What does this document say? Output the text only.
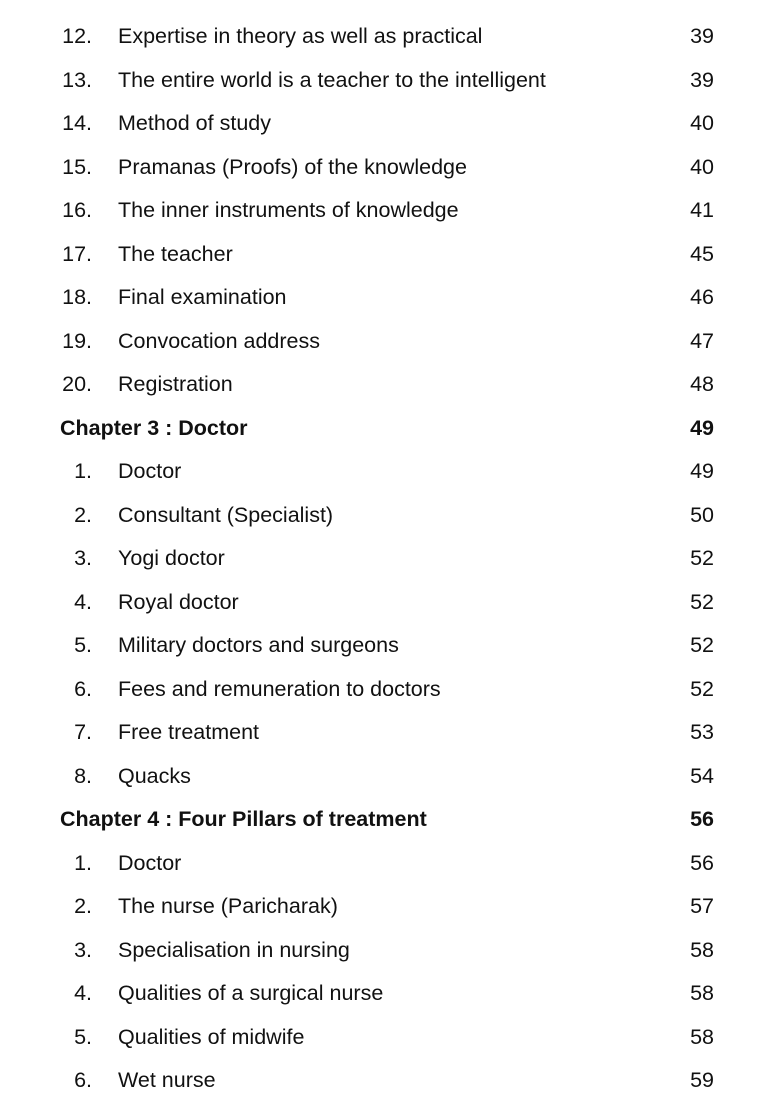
12. Expertise in theory as well as practical	39
13. The entire world is a teacher to the intelligent	39
14. Method of study	40
15. Pramanas (Proofs) of the knowledge	40
16. The inner instruments of knowledge	41
17. The teacher	45
18. Final examination	46
19. Convocation address	47
20. Registration	48
Chapter 3 : Doctor	49
1. Doctor	49
2. Consultant (Specialist)	50
3. Yogi doctor	52
4. Royal doctor	52
5. Military doctors and surgeons	52
6. Fees and remuneration to doctors	52
7. Free treatment	53
8. Quacks	54
Chapter 4 : Four Pillars of treatment	56
1. Doctor	56
2. The nurse (Paricharak)	57
3. Specialisation in nursing	58
4. Qualities of a surgical nurse	58
5. Qualities of midwife	58
6. Wet nurse	59
